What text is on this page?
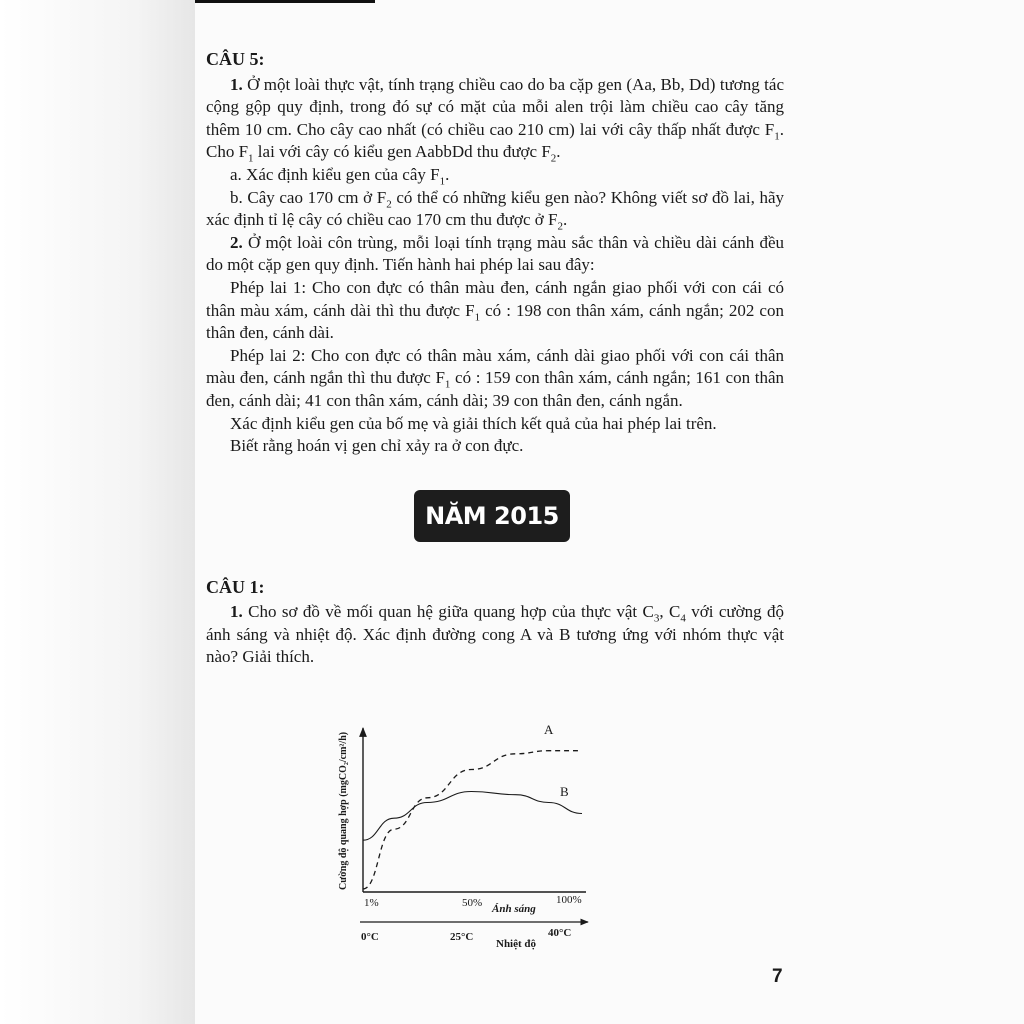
CÂU 5:

1. Ở một loài thực vật, tính trạng chiều cao do ba cặp gen (Aa, Bb, Dd) tương tác cộng gộp quy định, trong đó sự có mặt của mỗi alen trội làm chiều cao cây tăng thêm 10 cm. Cho cây cao nhất (có chiều cao 210 cm) lai với cây thấp nhất được $F_1$. Cho $F_1$ lai với cây có kiểu gen AabbDd thu được $F_2$.

a. Xác định kiểu gen của cây $F_1$.

b. Cây cao 170 cm ở $F_2$ có thể có những kiểu gen nào? Không viết sơ đồ lai, hãy xác định tỉ lệ cây có chiều cao 170 cm thu được ở $F_2$.

2. Ở một loài côn trùng, mỗi loại tính trạng màu sắc thân và chiều dài cánh đều do một cặp gen quy định. Tiến hành hai phép lai sau đây:

Phép lai 1: Cho con đực có thân màu đen, cánh ngắn giao phối với con cái có thân màu xám, cánh dài thì thu được $F_1$ có : 198 con thân xám, cánh ngắn; 202 con thân đen, cánh dài.

Phép lai 2: Cho con đực có thân màu xám, cánh dài giao phối với con cái thân màu đen, cánh ngắn thì thu được $F_1$ có : 159 con thân xám, cánh ngắn; 161 con thân đen, cánh dài; 41 con thân xám, cánh dài; 39 con thân đen, cánh ngắn.

Xác định kiểu gen của bố mẹ và giải thích kết quả của hai phép lai trên.

Biết rằng hoán vị gen chỉ xảy ra ở con đực.

NĂM 2015
CÂU 1:

1. Cho sơ đồ về mối quan hệ giữa quang hợp của thực vật $C_3$, $C_4$ với cường độ ánh sáng và nhiệt độ. Xác định đường cong A và B tương ứng với nhóm thực vật nào? Giải thích.

Cường độ quang hợp (mgCO₂/cm²/h)
A
B
1%	50%	100%
Ánh sáng
0°C	25°C	40°C
Nhiệt độ
7
